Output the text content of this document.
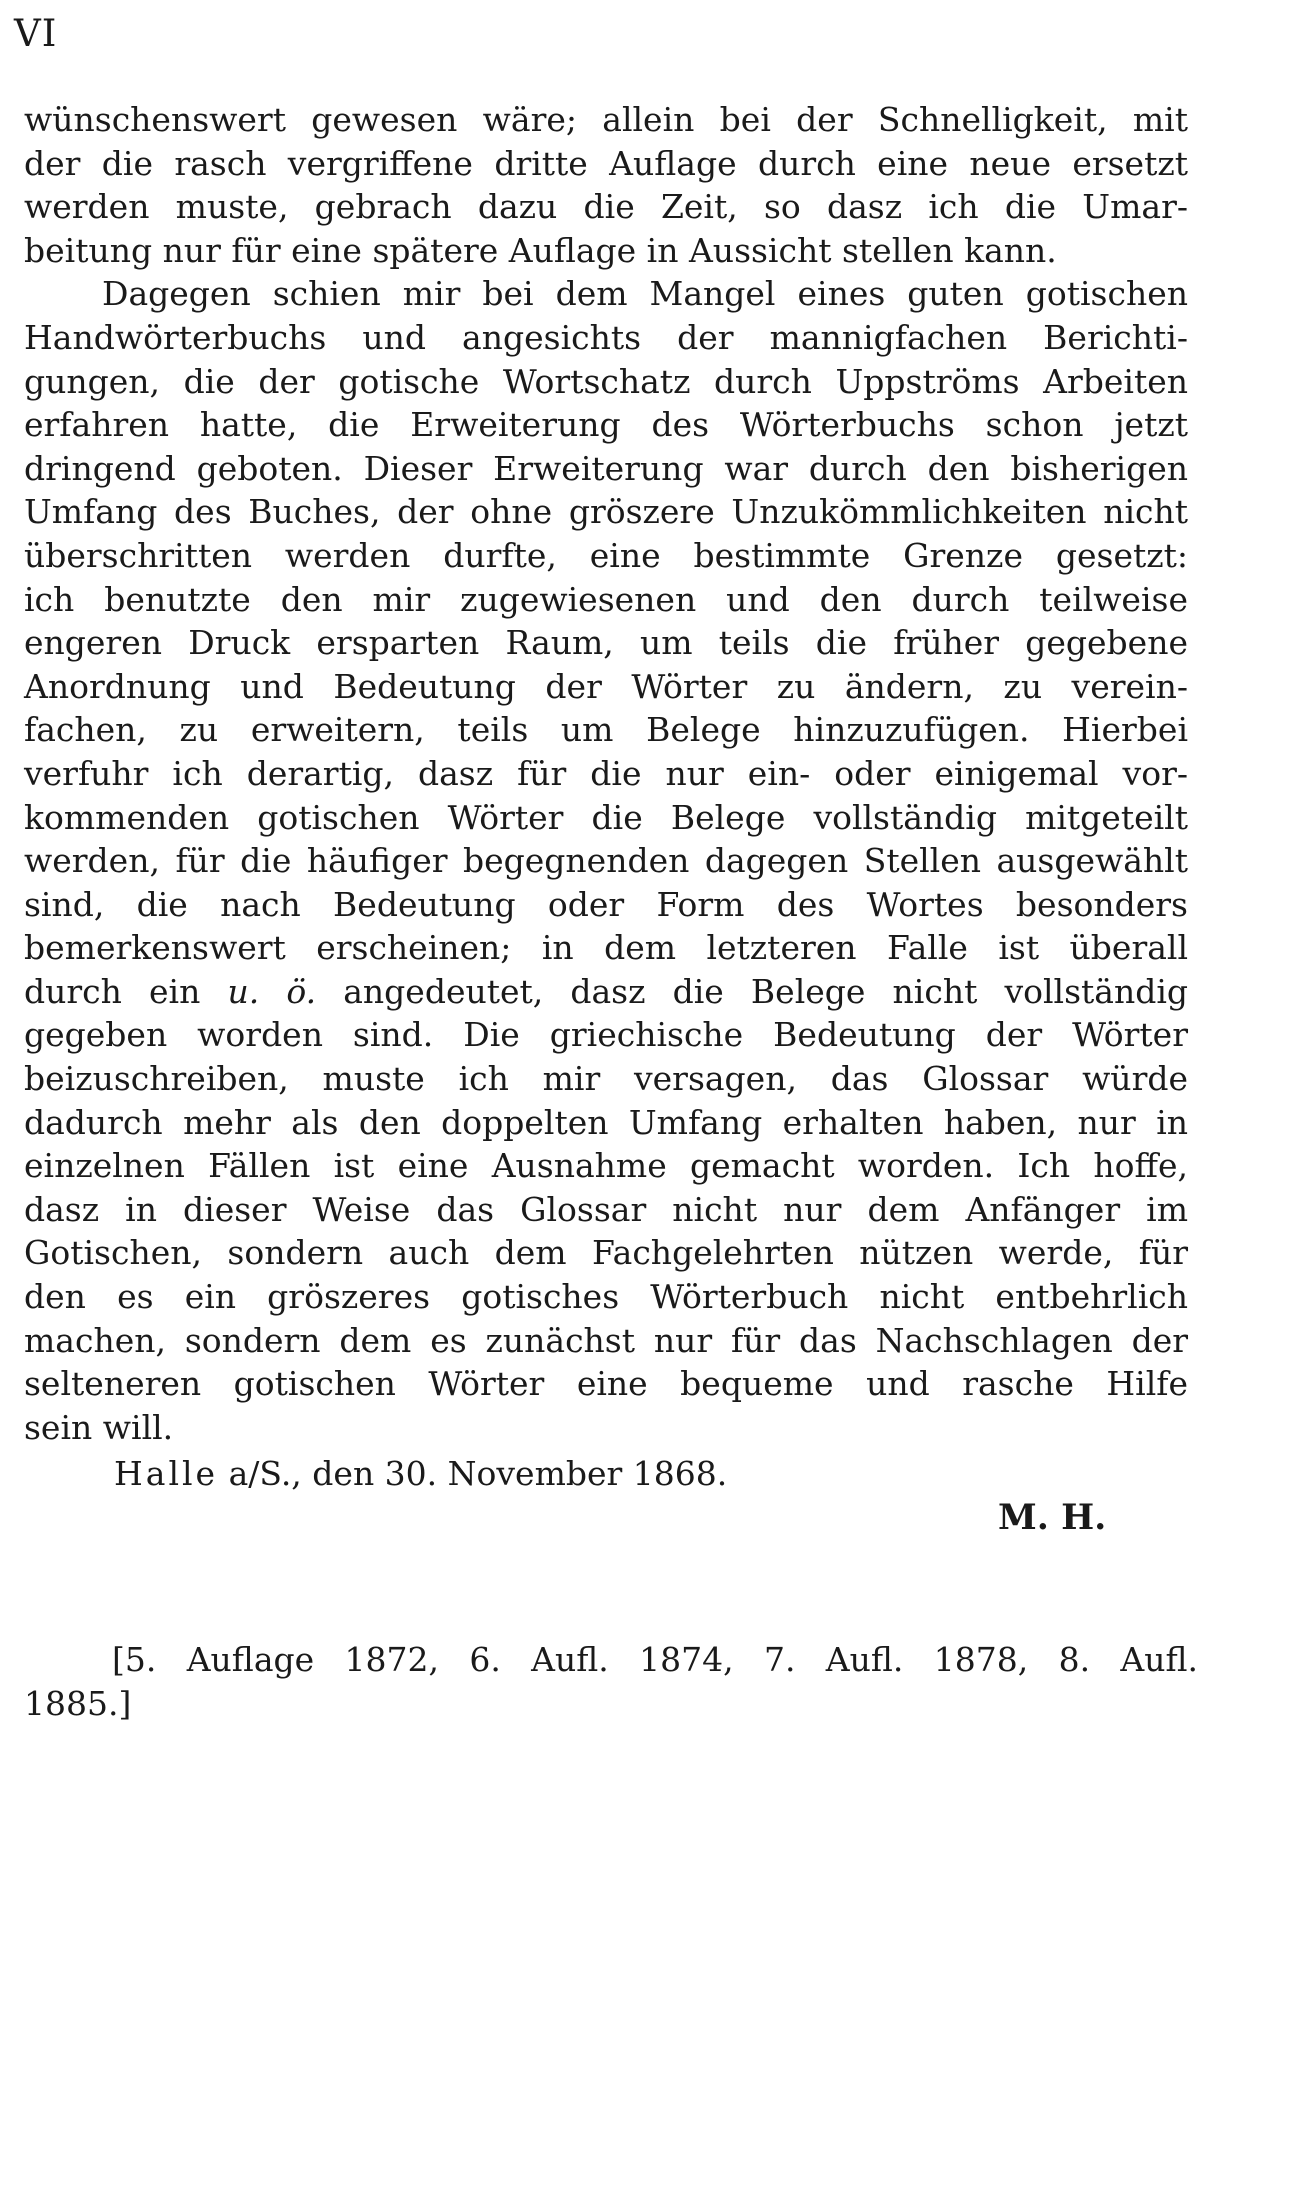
VI
wünschenswert gewesen wäre; allein bei der Schnelligkeit, mit
der die rasch vergriffene dritte Auflage durch eine neue ersetzt
werden muste, gebrach dazu die Zeit, so dasz ich die Umar-
beitung nur für eine spätere Auflage in Aussicht stellen kann.
Dagegen schien mir bei dem Mangel eines guten gotischen
Handwörterbuchs und angesichts der mannigfachen Berichti-
gungen, die der gotische Wortschatz durch Uppströms Arbeiten
erfahren hatte, die Erweiterung des Wörterbuchs schon jetzt
dringend geboten. Dieser Erweiterung war durch den bisherigen
Umfang des Buches, der ohne gröszere Unzukömmlichkeiten nicht
überschritten werden durfte, eine bestimmte Grenze gesetzt:
ich benutzte den mir zugewiesenen und den durch teilweise
engeren Druck ersparten Raum, um teils die früher gegebene
Anordnung und Bedeutung der Wörter zu ändern, zu verein-
fachen, zu erweitern, teils um Belege hinzuzufügen. Hierbei
verfuhr ich derartig, dasz für die nur ein- oder einigemal vor-
kommenden gotischen Wörter die Belege vollständig mitgeteilt
werden, für die häufiger begegnenden dagegen Stellen ausgewählt
sind, die nach Bedeutung oder Form des Wortes besonders
bemerkenswert erscheinen; in dem letzteren Falle ist überall
durch ein u. ö. angedeutet, dasz die Belege nicht vollständig
gegeben worden sind. Die griechische Bedeutung der Wörter
beizuschreiben, muste ich mir versagen, das Glossar würde
dadurch mehr als den doppelten Umfang erhalten haben, nur in
einzelnen Fällen ist eine Ausnahme gemacht worden. Ich hoffe,
dasz in dieser Weise das Glossar nicht nur dem Anfänger im
Gotischen, sondern auch dem Fachgelehrten nützen werde, für
den es ein gröszeres gotisches Wörterbuch nicht entbehrlich
machen, sondern dem es zunächst nur für das Nachschlagen der
selteneren gotischen Wörter eine bequeme und rasche Hilfe
sein will.
Halle a/S., den 30. November 1868.
M. H.
[5. Auflage 1872, 6. Aufl. 1874, 7. Aufl. 1878, 8. Aufl.
1885.]
